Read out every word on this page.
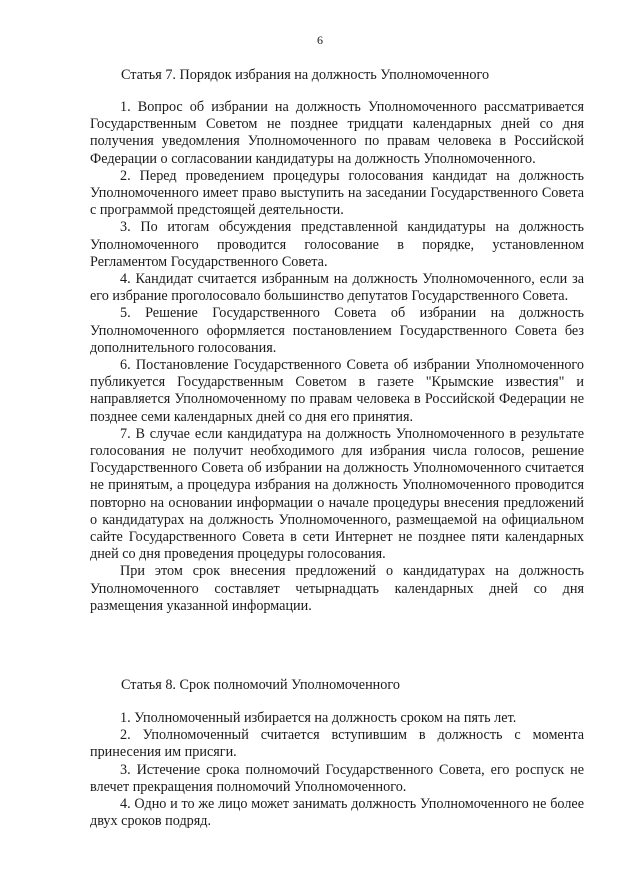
6
Статья 7. Порядок избрания на должность Уполномоченного

1. Вопрос об избрании на должность Уполномоченного рассматривается Государственным Советом не позднее тридцати календарных дней со дня получения уведомления Уполномоченного по правам человека в Российской Федерации о согласовании кандидатуры на должность Уполномоченного.

2. Перед проведением процедуры голосования кандидат на должность Уполномоченного имеет право выступить на заседании Государственного Совета с программой предстоящей деятельности.

3. По итогам обсуждения представленной кандидатуры на должность Уполномоченного проводится голосование в порядке, установленном Регламентом Государственного Совета.

4. Кандидат считается избранным на должность Уполномоченного, если за его избрание проголосовало большинство депутатов Государственного Совета.

5. Решение Государственного Совета об избрании на должность Уполномоченного оформляется постановлением Государственного Совета без дополнительного голосования.

6. Постановление Государственного Совета об избрании Уполномоченного публикуется Государственным Советом в газете "Крымские известия" и направляется Уполномоченному по правам человека в Российской Федерации не позднее семи календарных дней со дня его принятия.

7. В случае если кандидатура на должность Уполномоченного в результате голосования не получит необходимого для избрания числа голосов, решение Государственного Совета об избрании на должность Уполномоченного считается не принятым, а процедура избрания на должность Уполномоченного проводится повторно на основании информации о начале процедуры внесения предложений о кандидатурах на должность Уполномоченного, размещаемой на официальном сайте Государственного Совета в сети Интернет не позднее пяти календарных дней со дня проведения процедуры голосования.

При этом срок внесения предложений о кандидатурах на должность Уполномоченного составляет четырнадцать календарных дней со дня размещения указанной информации.

Статья 8. Срок полномочий Уполномоченного

1. Уполномоченный избирается на должность сроком на пять лет.

2. Уполномоченный считается вступившим в должность с момента принесения им присяги.

3. Истечение срока полномочий Государственного Совета, его роспуск не влечет прекращения полномочий Уполномоченного.

4. Одно и то же лицо может занимать должность Уполномоченного не более двух сроков подряд.
